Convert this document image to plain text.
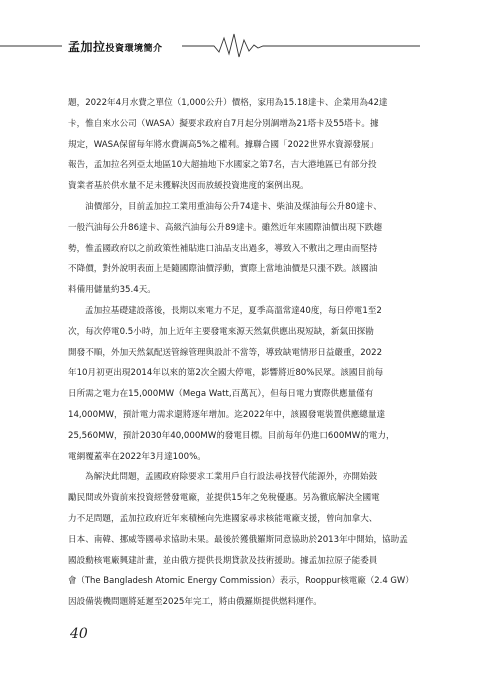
孟加拉投資環境簡介
題，2022年4月水費之單位（1,000公升）價格，家用為15.18達卡、企業用為42達
卡，惟自來水公司（WASA）擬要求政府自7月起分別調增為21塔卡及55塔卡。據
規定，WASA保留每年將水費調高5%之權利。據聯合國「2022世界水資源發展」
報告，孟加拉名列亞太地區10大超抽地下水國家之第7名，吉大港地區已有部分投
資業者基於供水量不足未獲解決因而放緩投資進度的案例出現。
油價部分，目前孟加拉工業用重油每公升74達卡、柴油及煤油每公升80達卡、
一般汽油每公升86達卡、高級汽油每公升89達卡。雖然近年來國際油價出現下跌趨
勢，惟孟國政府以之前政策性補貼進口油品支出過多，導致入不敷出之理由而堅持
不降價，對外說明表面上是隨國際油價浮動，實際上當地油價是只漲不跌。該國油
料備用儲量約35.4天。
孟加拉基礎建設落後，長期以來電力不足，夏季高溫常達40度，每日停電1至2
次，每次停電0.5小時，加上近年主要發電來源天然氣供應出現短缺，新氣田探勘
開發不順，外加天然氣配送管線管理與設計不當等，導致缺電情形日益嚴重，2022
年10月初更出現2014年以來的第2次全國大停電，影響將近80%民眾。該國目前每
日所需之電力在15,000MW（Mega Watt,百萬瓦），但每日電力實際供應量僅有
14,000MW，預計電力需求還將逐年增加。迄2022年中，該國發電裝置供應總量達
25,560MW，預計2030年40,000MW的發電目標。目前每年仍進口600MW的電力，
電網覆蓋率在2022年3月達100%。
為解決此問題，孟國政府除要求工業用戶自行設法尋找替代能源外，亦開始鼓
勵民間或外資前來投資經營發電廠，並提供15年之免稅優惠。另為徹底解決全國電
力不足問題，孟加拉政府近年來積極向先進國家尋求核能電廠支援，曾向加拿大、
日本、南韓、挪威等國尋求協助未果。最後於獲俄羅斯同意協助於2013年中開始，協助孟
國設勳核電廠興建計畫，並由俄方提供長期貸款及技術援助。據孟加拉原子能委員
會（The Bangladesh Atomic Energy Commission）表示，Rooppur核電廠（2.4 GW）
因設備裝機問題將延遲至2025年完工，將由俄羅斯提供燃料運作。
40
